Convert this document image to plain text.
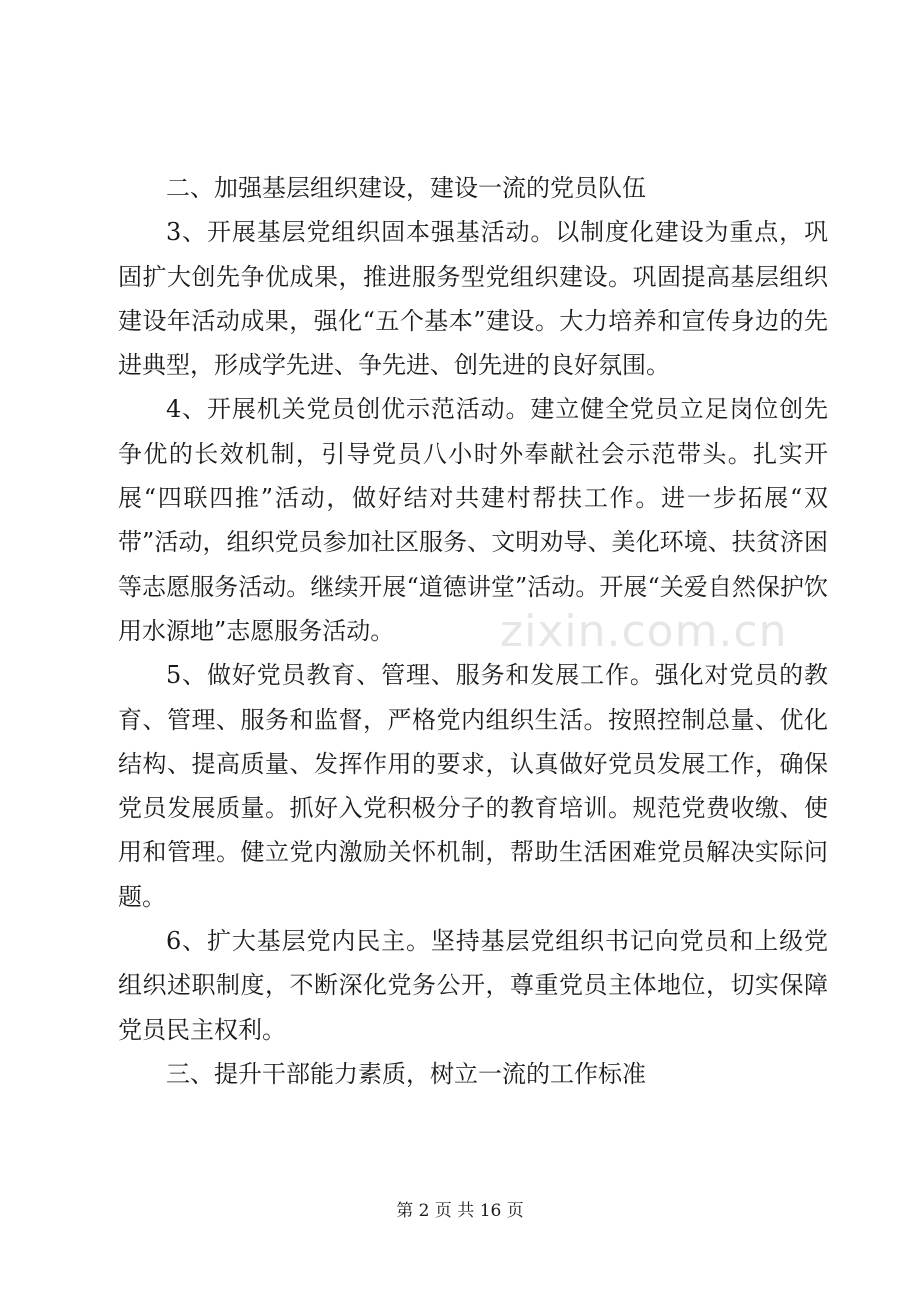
二、加强基层组织建设，建设一流的党员队伍

3、开展基层党组织固本强基活动。以制度化建设为重点，巩固扩大创先争优成果，推进服务型党组织建设。巩固提高基层组织建设年活动成果，强化“五个基本”建设。大力培养和宣传身边的先进典型，形成学先进、争先进、创先进的良好氛围。

4、开展机关党员创优示范活动。建立健全党员立足岗位创先争优的长效机制，引导党员八小时外奉献社会示范带头。扎实开展“四联四推”活动，做好结对共建村帮扶工作。进一步拓展“双带”活动，组织党员参加社区服务、文明劝导、美化环境、扶贫济困等志愿服务活动。继续开展“道德讲堂”活动。开展“关爱自然保护饮用水源地”志愿服务活动。

5、做好党员教育、管理、服务和发展工作。强化对党员的教育、管理、服务和监督，严格党内组织生活。按照控制总量、优化结构、提高质量、发挥作用的要求，认真做好党员发展工作，确保党员发展质量。抓好入党积极分子的教育培训。规范党费收缴、使用和管理。健立党内激励关怀机制，帮助生活困难党员解决实际问题。

6、扩大基层党内民主。坚持基层党组织书记向党员和上级党组织述职制度，不断深化党务公开，尊重党员主体地位，切实保障党员民主权利。

三、提升干部能力素质，树立一流的工作标准

zixin.com.cn
第 2 页 共 16 页
